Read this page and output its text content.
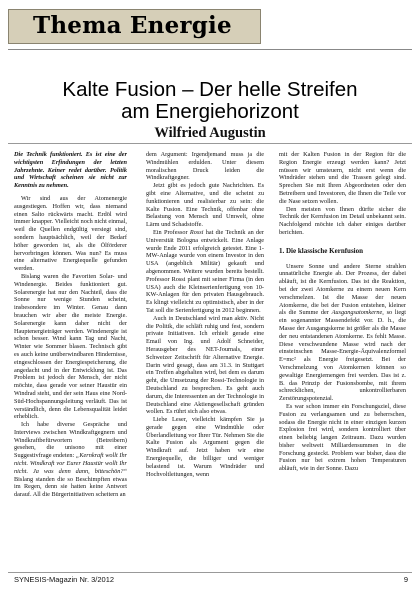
Thema Energie
Kalte Fusion – Der helle Streifen
am Energiehorizont
Wilfried Augustin

Die Technik funktioniert. Es ist eine der wichtigsten Erfindungen der letzten Jahrzehnte. Keiner redet darüber. Politik und Wirtschaft scheinen sie nicht zur Kenntnis zu nehmen.

Wir sind aus der Atomenergie ausgestiegen. Hoffen wir, dass niemand einen Salto rückwärts macht. Erdöl wird immer knapper. Vielleicht noch nicht einmal, weil die Quellen endgültig versiegt sind, sondern hauptsächlich, weil der Bedarf höher geworden ist, als die Ölförderer hervorbringen können. Was nun? Es muss eine alternative Energiequelle gefunden werden.

Bislang waren die Favoriten Solar- und Windenergie. Beides funktioniert gut. Solarenergie hat nur den Nachteil, dass die Sonne nur wenige Stunden scheint, insbesondere im Winter. Genau dann brauchen wir aber die meiste Energie. Solarenergie kann daher nicht der Hauptenergieträger werden. Windenergie ist schon besser. Wind kann Tag und Nacht, Winter wie Sommer blasen. Technisch gibt es auch keine unüberwindbaren Hindernisse, eingeschlossen der Energiespeicherung, die angedacht und in der Entwicklung ist. Das Problem ist jedoch der Mensch, der nicht möchte, dass gerade vor seiner Haustür ein Windrad steht, und der sein Haus eine Nord-Süd-Hochspannungsleitung verläuft. Das ist verständlich, denn die Lebensqualität leidet erheblich.

Ich habe diverse Gespräche und Interviews zwischen Windkraftgegnern und Windkraftbefürwortern (Betreibern) gesehen, die unisono mit einer Suggestivfrage endeten: „Kernkraft wollt Ihr nicht. Windkraft vor Eurer Haustür wollt Ihr nicht. Ja was denn dann, bitteschön?“ Bislang standen die so Beschimpften etwas im Regen, denn sie hatten keine Antwort darauf. All die Bürgerinitiativen scheitern an

dem Argument: Irgendjemand muss ja die Windmühlen erdulden. Unter diesem moralischen Druck leiden die Windkraftgegner.

Jetzt gibt es jedoch gute Nachrichten. Es gibt eine Alternative, und die scheint zu funktionieren und realisierbar zu sein: die Kalte Fusion. Eine Technik, offenbar ohne Belastung von Mensch und Umwelt, ohne Lärm und Schadstoffe.

Ein Professor Rossi hat die Technik an der Universität Bologna entwickelt. Eine Anlage wurde Ende 2011 erfolgreich getestet. Eine 1-MW-Anlage wurde von einem Investor in den USA (angeblich Militär) gekauft und abgenommen. Weitere wurden bereits bestellt. Professor Rossi plant mit seiner Firma (in den USA) auch die Kleinserienfertigung von 10-KW-Anlagen für den privaten Hausgebrauch. Es klingt vielleicht zu optimistisch, aber in der Tat soll die Serienfertigung in 2012 beginnen.

Auch in Deutschland wird man aktiv. Nicht die Politik, die schläft ruhig und fest, sondern private Initiativen. Ich erhielt gerade eine Email von Ing. und Adolf Schneider, Herausgeber des NET-Journals, einer Schweizer Zeitschrift für Alternative Energie. Darin wird gesagt, dass am 31.3. in Stuttgart ein Treffen abgehalten wird, bei dem es darum geht, die Umsetzung der Rossi-Technologie in Deutschland zu besprechen. Es geht auch darum, die Interessenten an der Technologie in Deutschland eine Aktiengesellschaft gründen wollen. Es rührt sich also etwas.

Liebe Leser, vielleicht kämpfen Sie ja gerade gegen eine Windmühle oder Überlandleitung vor Ihrer Tür. Nehmen Sie die Kalte Fusion als Argument gegen die Windkraft auf. Jetzt haben wir eine Energiequelle, die billiger und weniger belastend ist. Warum Windräder und Hochvoltleitungen, wenn

mit der Kalten Fusion in der Region für die Region Energie erzeugt werden kann? Jetzt müssen wir umsteuern, nicht erst wenn die Windräder stehen und die Trassen gelegt sind. Sprechen Sie mit Ihren Abgeordneten oder den Betreibern und Investoren, die Ihnen die Teile vor die Nase setzen wollen.

Den meisten von Ihnen dürfte sicher die Technik der Kernfusion im Detail unbekannt sein. Nachfolgend möchte ich daher einiges darüber berichten.

1. Die klassische Kernfusion

Unsere Sonne und andere Sterne strahlen unnatürliche Energie ab. Der Prozess, der dabei abläuft, ist die Kernfusion. Das ist die Reaktion, bei der zwei Atomkerne zu einem neuen Kern verschmelzen. Ist die Masse der neuen Atomkerne, die bei der Fusion entstehen, kleiner als die Summe der Ausgangsatomkerne, so liegt ein sogenannter Massendefekt vor. D. h., die Masse der Ausgangskerne ist größer als die Masse der neu entstandenen Atomkerne. Es fehlt Masse. Diese verschwundene Masse wird nach der einsteinschen Masse-Energie-Äquivalenzformel E=mc² als Energie freigesetzt. Bei der Verschmelzung von Atomkernen können so gewaltige Energiemengen frei werden. Das ist z. B. das Prinzip der Fusionsbombe, mit ihrem schrecklichen, unkontrollierbaren Zerstörungspotenzial.

Es war schon immer ein Forschungsziel, diese Fusion zu verlangsamen und zu beherrschen, sodass die Energie nicht in einer einzigen kurzen Explosion frei wird, sondern kontrolliert über einen beliebig langen Zeitraum. Dazu wurden bisher weltweit Milliardensummen in die Forschung gesteckt. Problem war bisher, dass die Fusion nur bei extrem hohen Temperaturen abläuft, wie in der Sonne. Dazu

SYNESIS-Magazin Nr. 3/2012	9
